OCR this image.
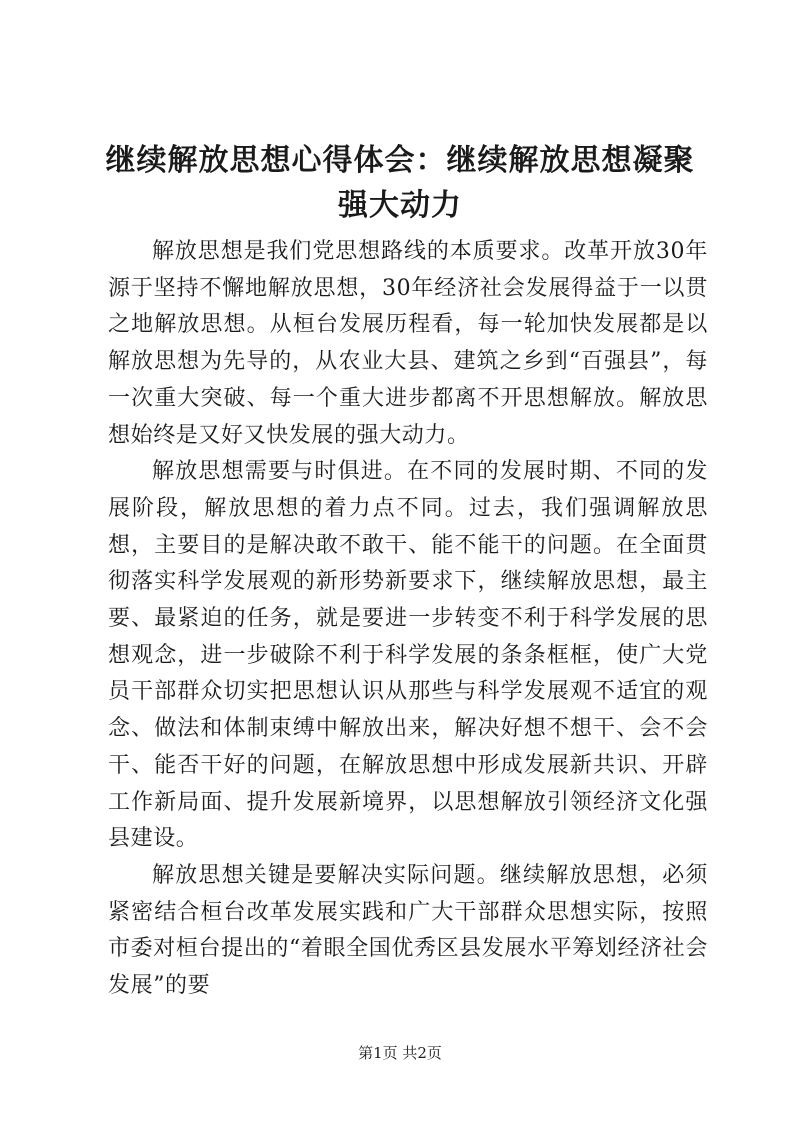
继续解放思想心得体会：继续解放思想凝聚强大动力

解放思想是我们党思想路线的本质要求。改革开放30年源于坚持不懈地解放思想，30年经济社会发展得益于一以贯之地解放思想。从桓台发展历程看，每一轮加快发展都是以解放思想为先导的，从农业大县、建筑之乡到“百强县”，每一次重大突破、每一个重大进步都离不开思想解放。解放思想始终是又好又快发展的强大动力。

解放思想需要与时俱进。在不同的发展时期、不同的发展阶段，解放思想的着力点不同。过去，我们强调解放思想，主要目的是解决敢不敢干、能不能干的问题。在全面贯彻落实科学发展观的新形势新要求下，继续解放思想，最主要、最紧迫的任务，就是要进一步转变不利于科学发展的思想观念，进一步破除不利于科学发展的条条框框，使广大党员干部群众切实把思想认识从那些与科学发展观不适宜的观念、做法和体制束缚中解放出来，解决好想不想干、会不会干、能否干好的问题，在解放思想中形成发展新共识、开辟工作新局面、提升发展新境界，以思想解放引领经济文化强县建设。

解放思想关键是要解决实际问题。继续解放思想，必须紧密结合桓台改革发展实践和广大干部群众思想实际，按照市委对桓台提出的“着眼全国优秀区县发展水平筹划经济社会发展”的要

第1页 共2页
